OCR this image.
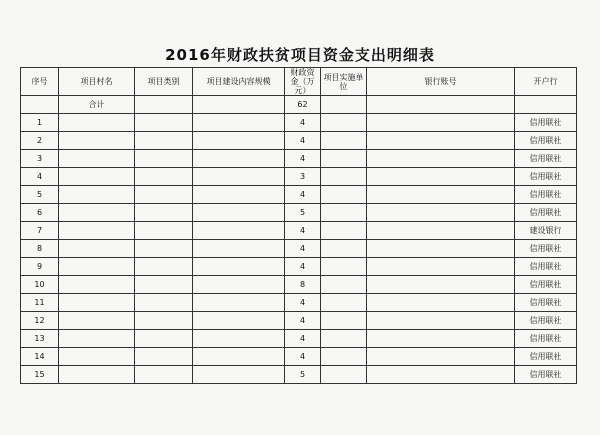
2016年财政扶贫项目资金支出明细表
序号	项目村名	项目类别	项目建设内容规模	财政资金（万元）	项目实施单位	银行账号	开户行
	合计			62			
1				4			信用联社
2				4			信用联社
3				4			信用联社
4				3			信用联社
5				4			信用联社
6				5			信用联社
7				4			建设银行
8				4			信用联社
9				4			信用联社
10				8			信用联社
11				4			信用联社
12				4			信用联社
13				4			信用联社
14				4			信用联社
15				5			信用联社
